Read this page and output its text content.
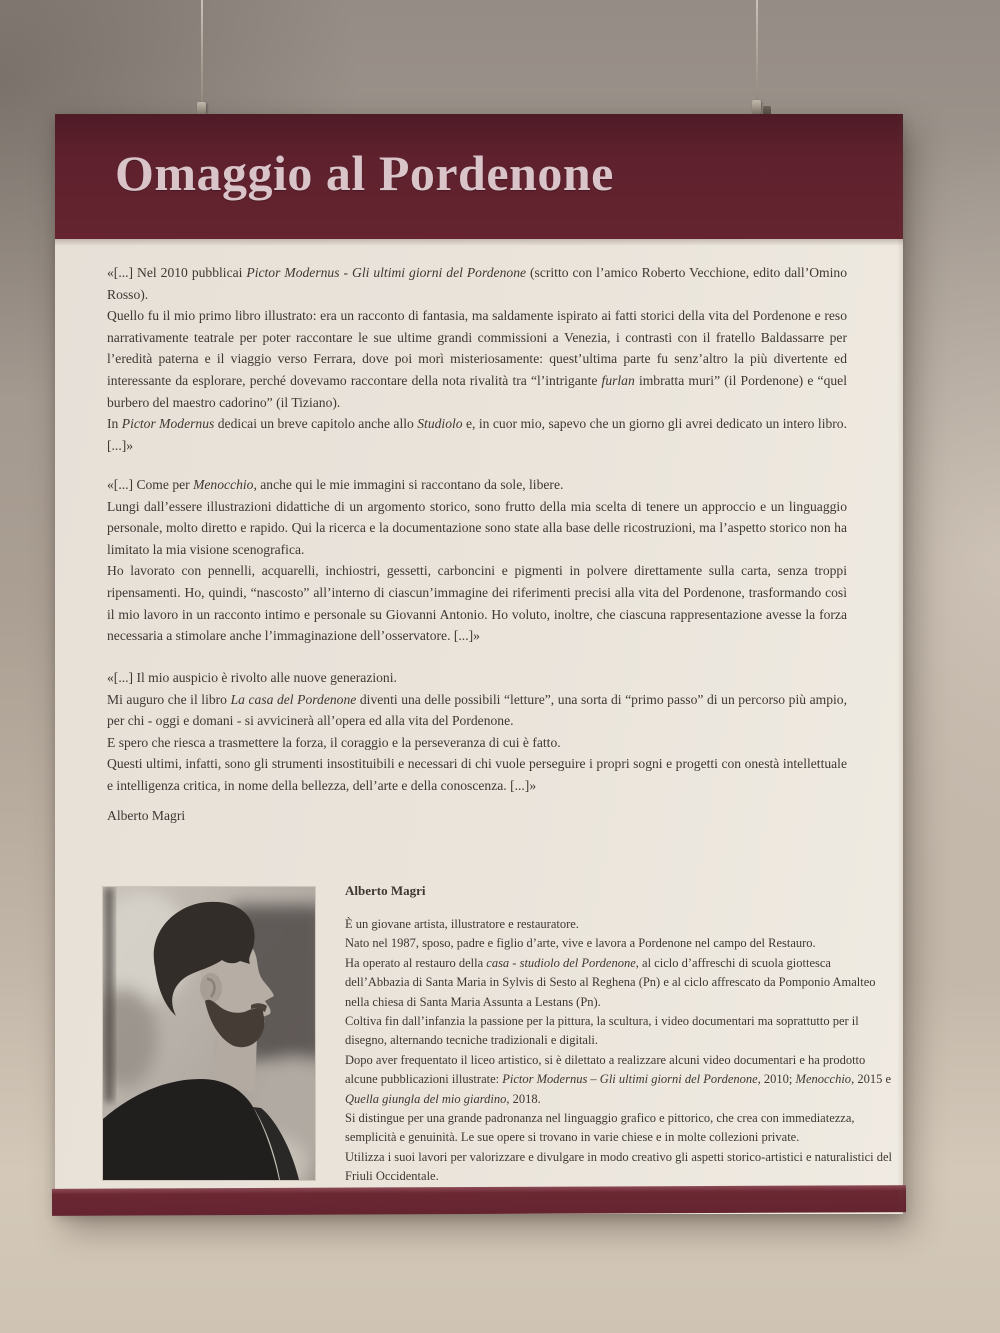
Omaggio al Pordenone
«[...] Nel 2010 pubblicai Pictor Modernus - Gli ultimi giorni del Pordenone (scritto con l’amico Roberto Vecchione, edito dall’Omino Rosso).
Quello fu il mio primo libro illustrato: era un racconto di fantasia, ma saldamente ispirato ai fatti storici della vita del Pordenone e reso narrativamente teatrale per poter raccontare le sue ultime grandi commissioni a Venezia, i contrasti con il fratello Baldassarre per l’eredità paterna e il viaggio verso Ferrara, dove poi morì misteriosamente: quest’ultima parte fu senz’altro la più divertente ed interessante da esplorare, perché dovevamo raccontare della nota rivalità tra “l’intrigante furlan imbratta muri” (il Pordenone) e “quel burbero del maestro cadorino” (il Tiziano).
In Pictor Modernus dedicai un breve capitolo anche allo Studiolo e, in cuor mio, sapevo che un giorno gli avrei dedicato un intero libro. [...]»
«[...] Come per Menocchio, anche qui le mie immagini si raccontano da sole, libere.
Lungi dall’essere illustrazioni didattiche di un argomento storico, sono frutto della mia scelta di tenere un approccio e un linguaggio personale, molto diretto e rapido. Qui la ricerca e la documentazione sono state alla base delle ricostruzioni, ma l’aspetto storico non ha limitato la mia visione scenografica.
Ho lavorato con pennelli, acquarelli, inchiostri, gessetti, carboncini e pigmenti in polvere direttamente sulla carta, senza troppi ripensamenti. Ho, quindi, “nascosto” all’interno di ciascun’immagine dei riferimenti precisi alla vita del Pordenone, trasformando così il mio lavoro in un racconto intimo e personale su Giovanni Antonio. Ho voluto, inoltre, che ciascuna rappresentazione avesse la forza necessaria a stimolare anche l’immaginazione dell’osservatore. [...]»
«[...] Il mio auspicio è rivolto alle nuove generazioni.
Mi auguro che il libro La casa del Pordenone diventi una delle possibili “letture”, una sorta di “primo passo” di un percorso più ampio, per chi - oggi e domani - si avvicinerà all’opera ed alla vita del Pordenone.
E spero che riesca a trasmettere la forza, il coraggio e la perseveranza di cui è fatto.
Questi ultimi, infatti, sono gli strumenti insostituibili e necessari di chi vuole perseguire i propri sogni e progetti con onestà intellettuale e intelligenza critica, in nome della bellezza, dell’arte e della conoscenza. [...]»
Alberto Magri
Alberto Magri
È un giovane artista, illustratore e restauratore.
Nato nel 1987, sposo, padre e figlio d’arte, vive e lavora a Pordenone nel campo del Restauro.
Ha operato al restauro della casa - studiolo del Pordenone, al ciclo d’affreschi di scuola giottesca dell’Abbazia di Santa Maria in Sylvis di Sesto al Reghena (Pn) e al ciclo affrescato da Pomponio Amalteo nella chiesa di Santa Maria Assunta a Lestans (Pn).
Coltiva fin dall’infanzia la passione per la pittura, la scultura, i video documentari ma soprattutto per il disegno, alternando tecniche tradizionali e digitali.
Dopo aver frequentato il liceo artistico, si è dilettato a realizzare alcuni video documentari e ha prodotto alcune pubblicazioni illustrate: Pictor Modernus – Gli ultimi giorni del Pordenone, 2010; Menocchio, 2015 e Quella giungla del mio giardino, 2018.
Si distingue per una grande padronanza nel linguaggio grafico e pittorico, che crea con immediatezza, semplicità e genuinità. Le sue opere si trovano in varie chiese e in molte collezioni private.
Utilizza i suoi lavori per valorizzare e divulgare in modo creativo gli aspetti storico-artistici e naturalistici del Friuli Occidentale.
